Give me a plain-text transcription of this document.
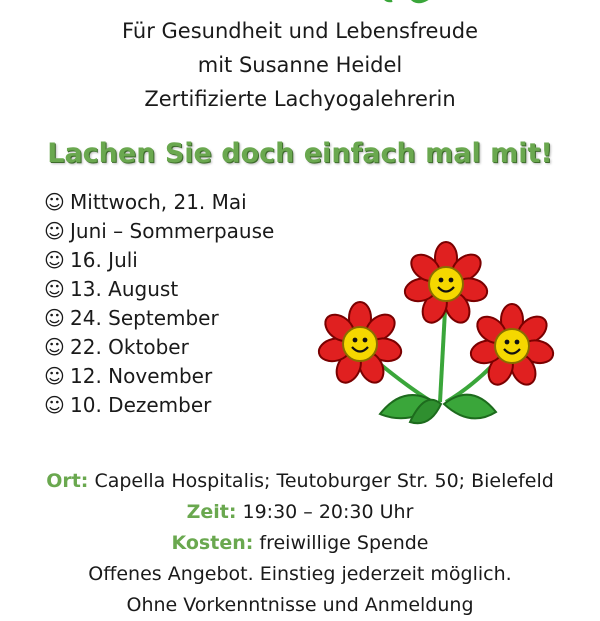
Für Gesundheit und Lebensfreude
mit Susanne Heidel
Zertifizierte Lachyogalehrerin
Lachen Sie doch einfach mal mit!
☺ Mittwoch, 21. Mai
☺ Juni – Sommerpause
☺ 16. Juli
☺ 13. August
☺ 24. September
☺ 22. Oktober
☺ 12. November
☺ 10. Dezember
Ort: Capella Hospitalis; Teutoburger Str. 50; Bielefeld
Zeit: 19:30 – 20:30 Uhr
Kosten: freiwillige Spende
Offenes Angebot. Einstieg jederzeit möglich.
Ohne Vorkenntnisse und Anmeldung
